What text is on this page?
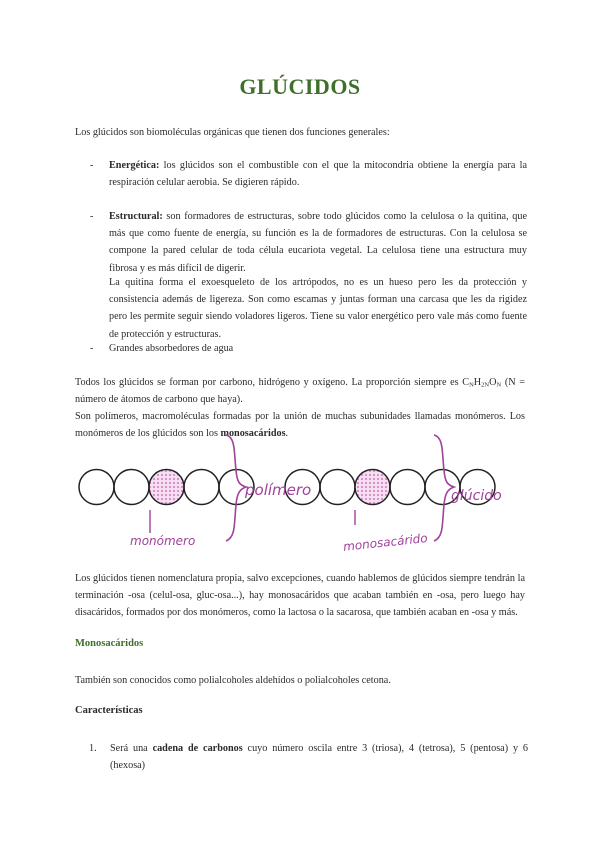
GLÚCIDOS
Los glúcidos son biomoléculas orgánicas que tienen dos funciones generales:
- Energética: los glúcidos son el combustible con el que la mitocondria obtiene la energía para la respiración celular aerobia. Se digieren rápido.
- Estructural: son formadores de estructuras, sobre todo glúcidos como la celulosa o la quitina, que más que como fuente de energía, su función es la de formadores de estructuras. Con la celulosa se compone la pared celular de toda célula eucariota vegetal. La celulosa tiene una estructura muy fibrosa y es más difícil de digerir.
La quitina forma el exoesqueleto de los artrópodos, no es un hueso pero les da protección y consistencia además de ligereza. Son como escamas y juntas forman una carcasa que les da rigidez pero les permite seguir siendo voladores ligeros. Tiene su valor energético pero vale más como fuente de protección y estructuras.
- Grandes absorbedores de agua
Todos los glúcidos se forman por carbono, hidrógeno y oxígeno. La proporción siempre es $C_NH_{2N}O_N$ (N = número de átomos de carbono que haya).
Son polímeros, macromoléculas formadas por la unión de muchas subunidades llamadas monómeros. Los monómeros de los glúcidos son los monosacáridos.
polímero
monómero
glúcido
monosacárido
Los glúcidos tienen nomenclatura propia, salvo excepciones, cuando hablemos de glúcidos siempre tendrán la terminación -osa (celul-osa, gluc-osa...), hay monosacáridos que acaban también en -osa, pero luego hay disacáridos, formados por dos monómeros, como la lactosa o la sacarosa, que también acaban en -osa y más.
Monosacáridos
También son conocidos como polialcoholes aldehídos o polialcoholes cetona.
Características
1. Será una cadena de carbonos cuyo número oscila entre 3 (triosa), 4 (tetrosa), 5 (pentosa) y 6 (hexosa)
